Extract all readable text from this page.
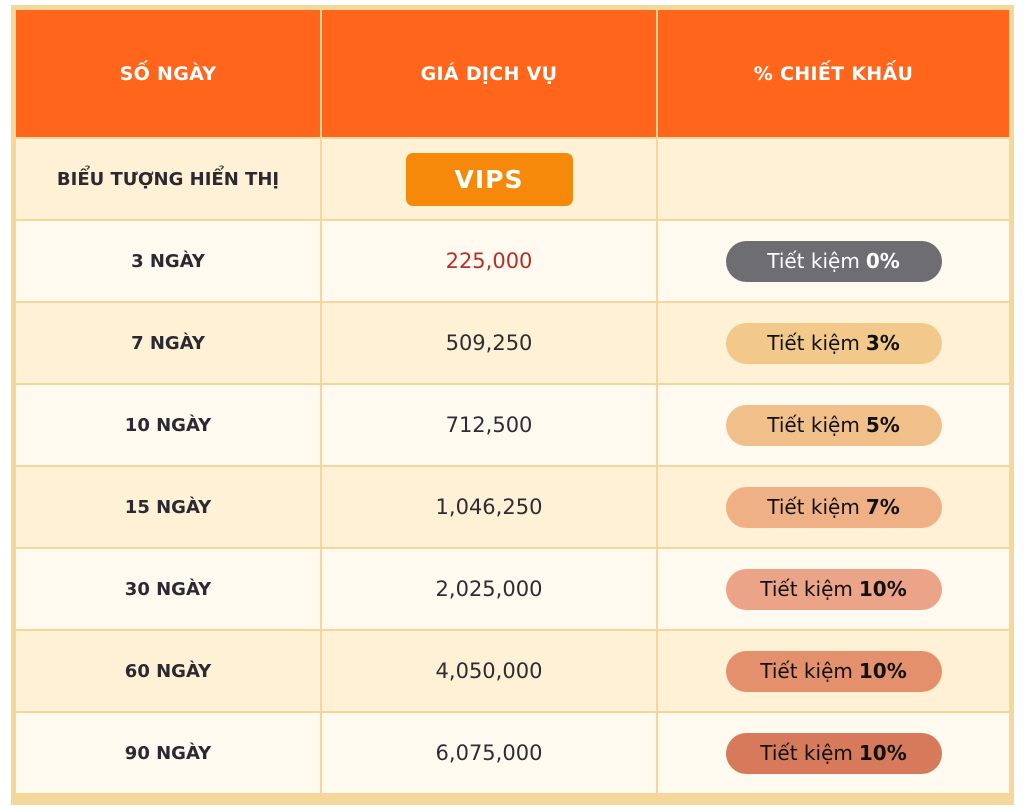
SỐ NGÀY	GIÁ DỊCH VỤ	% CHIẾT KHẤU
BIỂU TƯỢNG HIỂN THỊ	VIPS
3 NGÀY	225,000	Tiết kiệm 0%
7 NGÀY	509,250	Tiết kiệm 3%
10 NGÀY	712,500	Tiết kiệm 5%
15 NGÀY	1,046,250	Tiết kiệm 7%
30 NGÀY	2,025,000	Tiết kiệm 10%
60 NGÀY	4,050,000	Tiết kiệm 10%
90 NGÀY	6,075,000	Tiết kiệm 10%
